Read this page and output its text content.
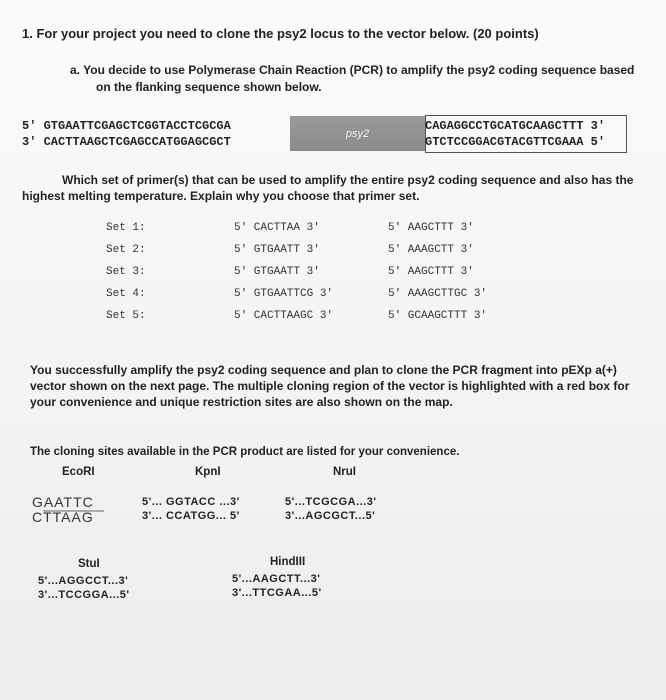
1. For your project you need to clone the psy2 locus to the vector below. (20 points)
a. You decide to use Polymerase Chain Reaction (PCR) to amplify the psy2 coding sequence based
on the flanking sequence shown below.
5' GTGAATTCGAGCTCGGTACCTCGCGA
3' CACTTAAGCTCGAGCCATGGAGCGCT
psy2
CAGAGGCCTGCATGCAAGCTTT 3'
GTCTCCGGACGTACGTTCGAAA 5'
Which set of primer(s) that can be used to amplify the entire psy2 coding sequence and also has the
highest melting temperature. Explain why you choose that primer set.
Set 1:	5' CACTTAA 3'	5' AAGCTTT 3'
Set 2:	5' GTGAATT 3'	5' AAAGCTT 3'
Set 3:	5' GTGAATT 3'	5' AAGCTTT 3'
Set 4:	5' GTGAATTCG 3'	5' AAAGCTTGC 3'
Set 5:	5' CACTTAAGC 3'	5' GCAAGCTTT 3'
You successfully amplify the psy2 coding sequence and plan to clone the PCR fragment into pEXp a(+) vector shown on the next page. The multiple cloning region of the vector is highlighted with a red box for your convenience and unique restriction sites are also shown on the map.
The cloning sites available in the PCR product are listed for your convenience.
EcoRI	KpnI	NruI
GAATTC
CTTAAG
5'... GGTACC ...3'
3'... CCATGG... 5'
5'...TCGCGA...3'
3'...AGCGCT...5'
StuI
5'...AGGCCT...3'
3'...TCCGGA...5'
HindIII
5'...AAGCTT...3'
3'...TTCGAA...5'
